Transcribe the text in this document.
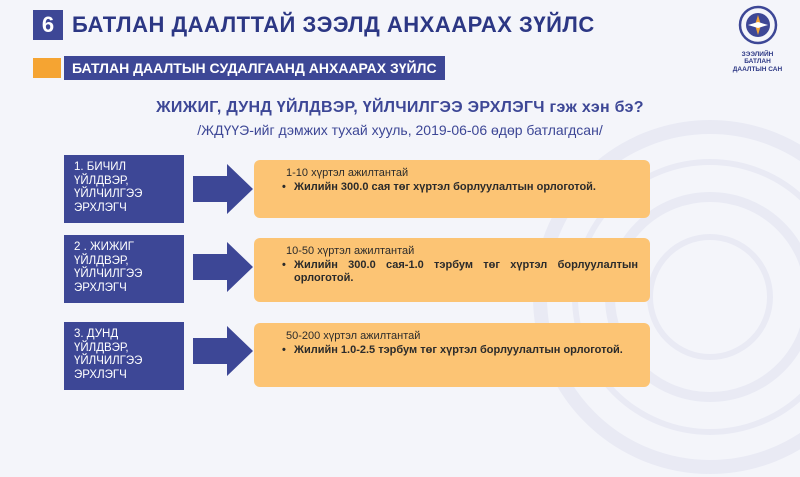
6 БАТЛАН ДААЛТТАЙ ЗЭЭЛД АНХААРАХ ЗҮЙЛС
ЗЭЭЛИЙН БАТЛАН
ДААЛТЫН САН
БАТЛАН ДААЛТЫН СУДАЛГААНД АНХААРАХ ЗҮЙЛС
ЖИЖИГ, ДУНД ҮЙЛДВЭР, ҮЙЛЧИЛГЭЭ ЭРХЛЭГЧ гэж хэн бэ?
/ЖДҮҮЭ-ийг дэмжих тухай хууль, 2019-06-06 өдөр батлагдсан/
1. БИЧИЛ ҮЙЛДВЭР, ҮЙЛЧИЛГЭЭ ЭРХЛЭГЧ
1-10 хүртэл ажилтантай
• Жилийн 300.0 сая төг хүртэл борлуулалтын орлоготой.
2 . ЖИЖИГ ҮЙЛДВЭР, ҮЙЛЧИЛГЭЭ ЭРХЛЭГЧ
10-50 хүртэл ажилтантай
• Жилийн 300.0 сая-1.0 тэрбум төг хүртэл борлуулалтын орлоготой.
3. ДУНД ҮЙЛДВЭР, ҮЙЛЧИЛГЭЭ ЭРХЛЭГЧ
50-200 хүртэл ажилтантай
• Жилийн 1.0-2.5 тэрбум төг хүртэл борлуулалтын орлоготой.
